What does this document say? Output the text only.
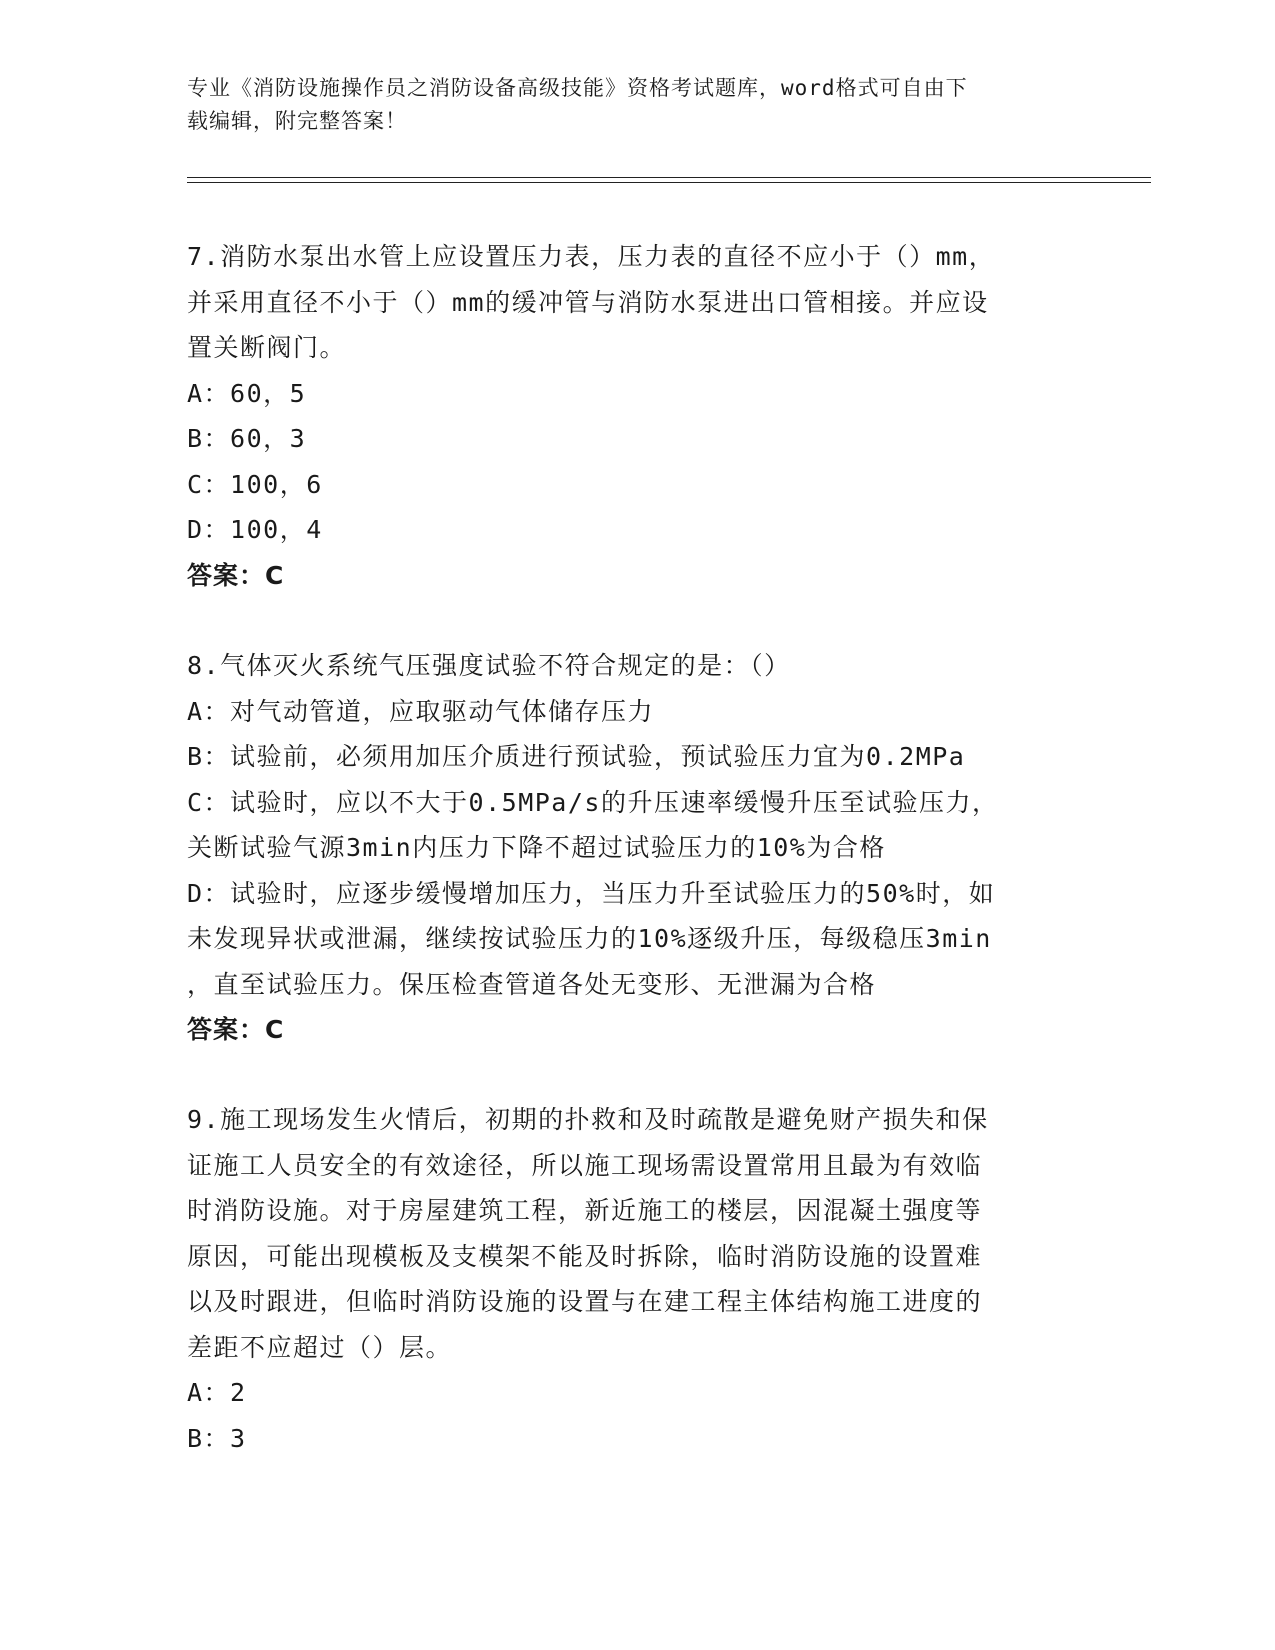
专业《消防设施操作员之消防设备高级技能》资格考试题库，word格式可自由下
载编辑，附完整答案！
7.消防水泵出水管上应设置压力表，压力表的直径不应小于（）mm，
并采用直径不小于（）mm的缓冲管与消防水泵进出口管相接。并应设
置关断阀门。
A：60，5
B：60，3
C：100，6
D：100，4
答案：C
8.气体灭火系统气压强度试验不符合规定的是：（）
A：对气动管道，应取驱动气体储存压力
B：试验前，必须用加压介质进行预试验，预试验压力宜为0.2MPa
C：试验时，应以不大于0.5MPa/s的升压速率缓慢升压至试验压力，
关断试验气源3min内压力下降不超过试验压力的10%为合格
D：试验时，应逐步缓慢增加压力，当压力升至试验压力的50%时，如
未发现异状或泄漏，继续按试验压力的10%逐级升压，每级稳压3min
，直至试验压力。保压检查管道各处无变形、无泄漏为合格
答案：C
9.施工现场发生火情后，初期的扑救和及时疏散是避免财产损失和保
证施工人员安全的有效途径，所以施工现场需设置常用且最为有效临
时消防设施。对于房屋建筑工程，新近施工的楼层，因混凝土强度等
原因，可能出现模板及支模架不能及时拆除，临时消防设施的设置难
以及时跟进，但临时消防设施的设置与在建工程主体结构施工进度的
差距不应超过（）层。
A：2
B：3
